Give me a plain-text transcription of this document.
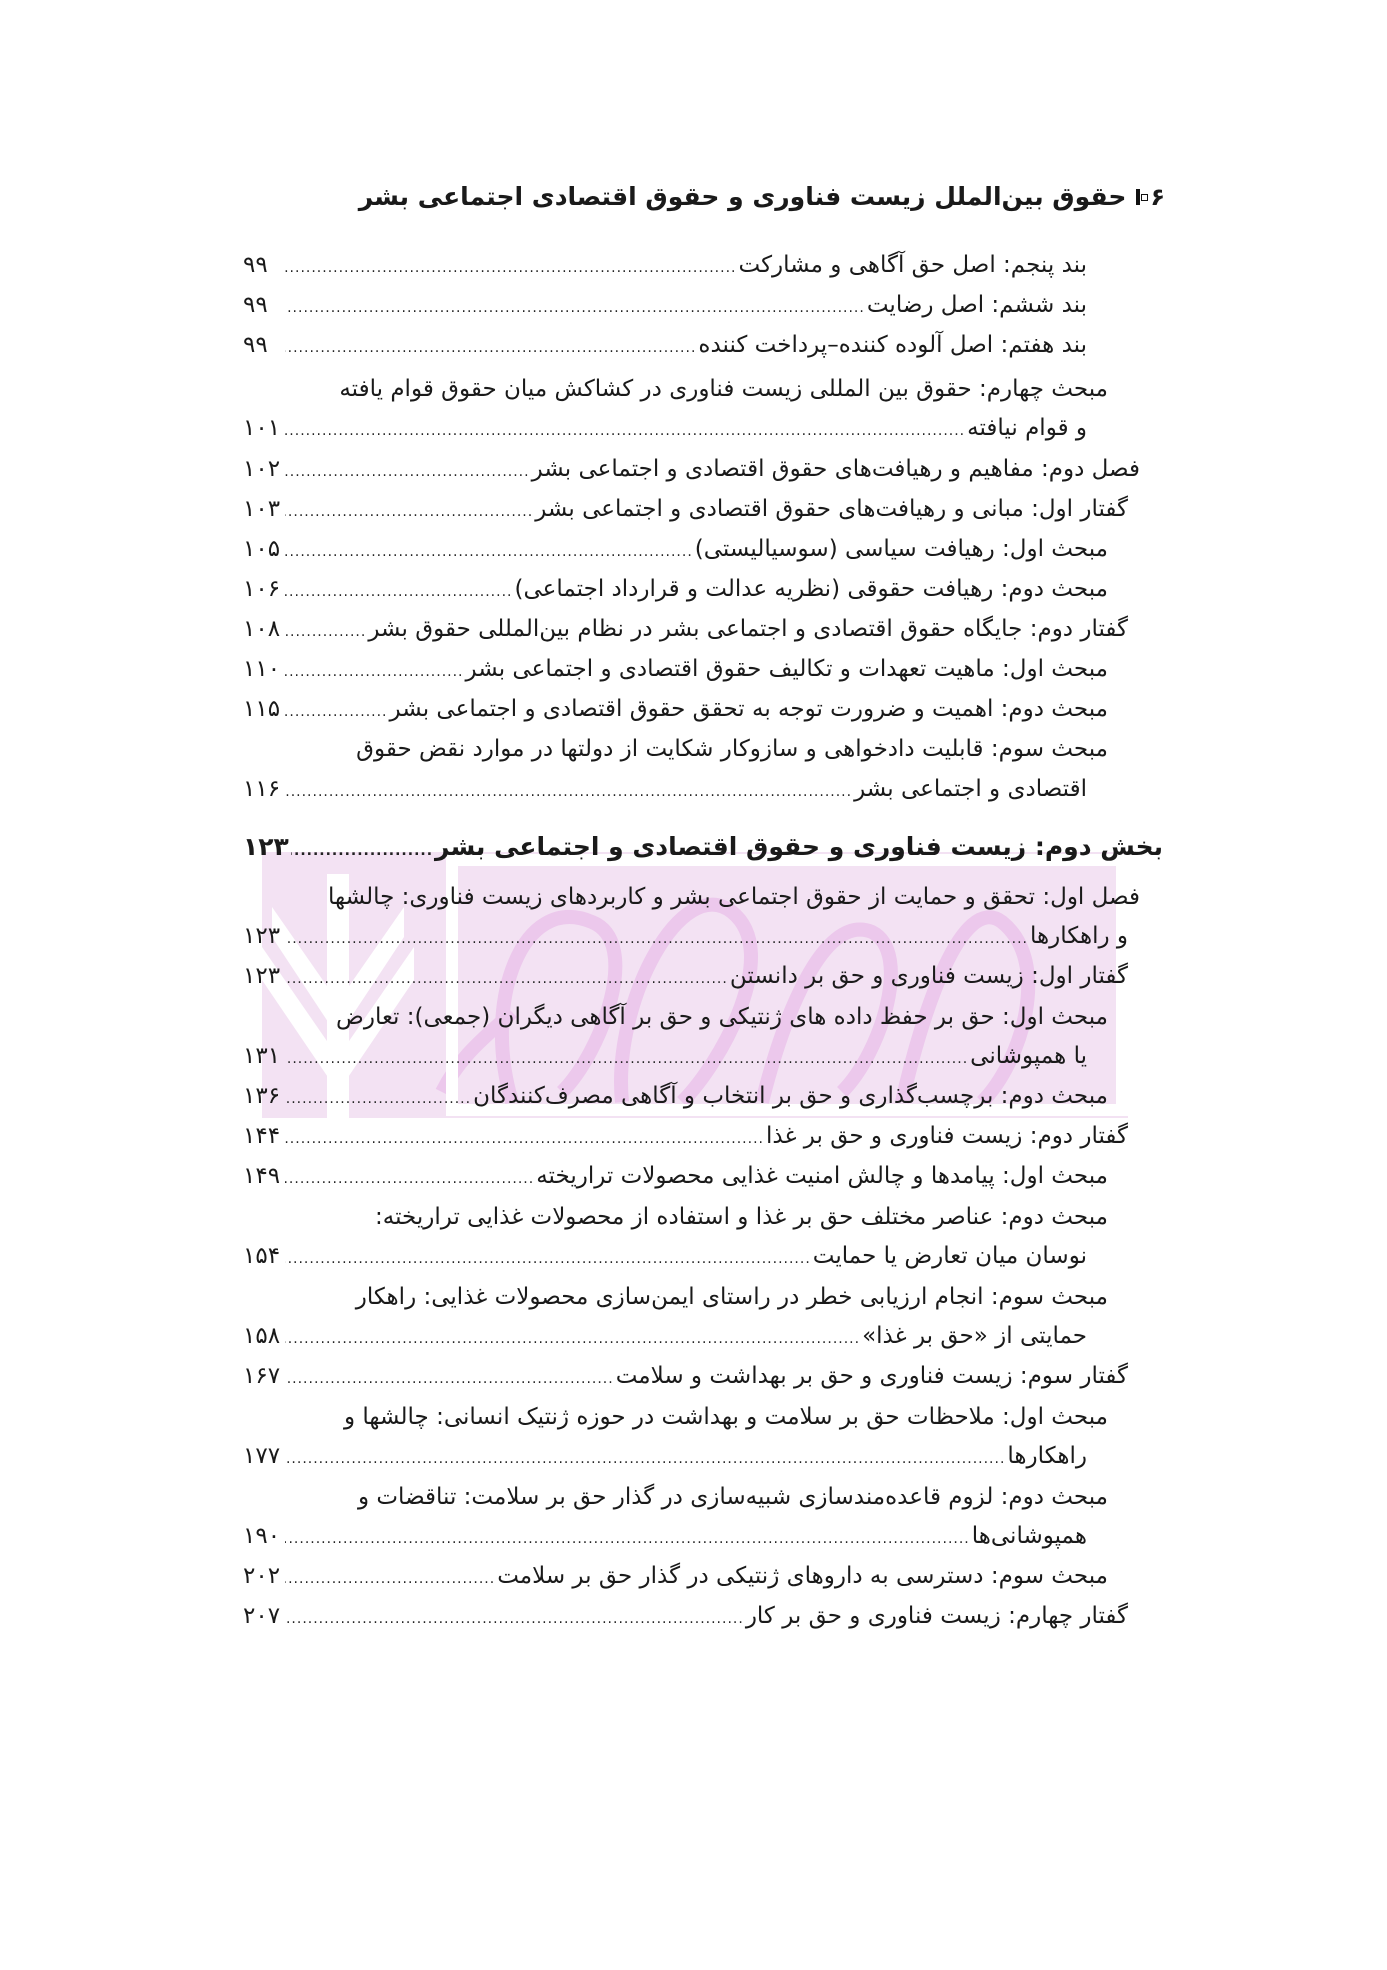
۶
حقوق بین‌الملل زیست فناوری و حقوق اقتصادی اجتماعی بشر
بند پنجم: اصل حق آگاهی و مشارکت
.....
۹۹
بند ششم: اصل رضایت
.....
۹۹
بند هفتم: اصل آلوده کننده–پرداخت کننده
.....
۹۹
مبحث چهارم: حقوق بین المللی زیست فناوری در کشاکش میان حقوق قوام یافته
و قوام نیافته
.....
۱۰۱
فصل دوم: مفاهیم و رهیافت‌های حقوق اقتصادی و اجتماعی بشر
.....
۱۰۲
گفتار اول: مبانی و رهیافت‌های حقوق اقتصادی و اجتماعی بشر
.....
۱۰۳
مبحث اول: رهیافت سیاسی (سوسیالیستی)
.....
۱۰۵
مبحث دوم: رهیافت حقوقی (نظریه عدالت و قرارداد اجتماعی)
.....
۱۰۶
گفتار دوم: جایگاه حقوق اقتصادی و اجتماعی بشر در نظام بین‌المللی حقوق بشر
.....
۱۰۸
مبحث اول: ماهیت تعهدات و تکالیف حقوق اقتصادی و اجتماعی بشر
.....
۱۱۰
مبحث دوم: اهمیت و ضرورت توجه به تحقق حقوق اقتصادی و اجتماعی بشر
.....
۱۱۵
مبحث سوم: قابلیت دادخواهی و سازوکار شکایت از دولتها در موارد نقض حقوق
اقتصادی و اجتماعی بشر
.....
۱۱۶
بخش دوم: زیست فناوری و حقوق اقتصادی و اجتماعی بشر
.....
۱۲۳
فصل اول: تحقق و حمایت از حقوق اجتماعی بشر و کاربردهای زیست فناوری: چالشها
و راهکارها
.....
۱۲۳
گفتار اول: زیست فناوری و حق بر دانستن
.....
۱۲۳
مبحث اول: حق بر حفظ داده های ژنتیکی و حق بر آگاهی دیگران (جمعی): تعارض
یا همپوشانی
.....
۱۳۱
مبحث دوم: برچسب‌گذاری و حق بر انتخاب و آگاهی مصرف‌کنندگان
.....
۱۳۶
گفتار دوم: زیست فناوری و حق بر غذا
.....
۱۴۴
مبحث اول: پیامدها و چالش امنیت غذایی محصولات تراریخته
.....
۱۴۹
مبحث دوم: عناصر مختلف حق بر غذا و استفاده از محصولات غذایی تراریخته:
نوسان میان تعارض یا حمایت
.....
۱۵۴
مبحث سوم: انجام ارزیابی خطر در راستای ایمن‌سازی محصولات غذایی: راهکار
حمایتی از «حق بر غذا»
.....
۱۵۸
گفتار سوم: زیست فناوری و حق بر بهداشت و سلامت
.....
۱۶۷
مبحث اول: ملاحظات حق بر سلامت و بهداشت در حوزه ژنتیک انسانی: چالشها و
راهکارها
.....
۱۷۷
مبحث دوم: لزوم قاعده‌مندسازی شبیه‌سازی در گذار حق بر سلامت: تناقضات و
همپوشانی‌ها
.....
۱۹۰
مبحث سوم: دسترسی به داروهای ژنتیکی در گذار حق بر سلامت
.....
۲۰۲
گفتار چهارم: زیست فناوری و حق بر کار
.....
۲۰۷
